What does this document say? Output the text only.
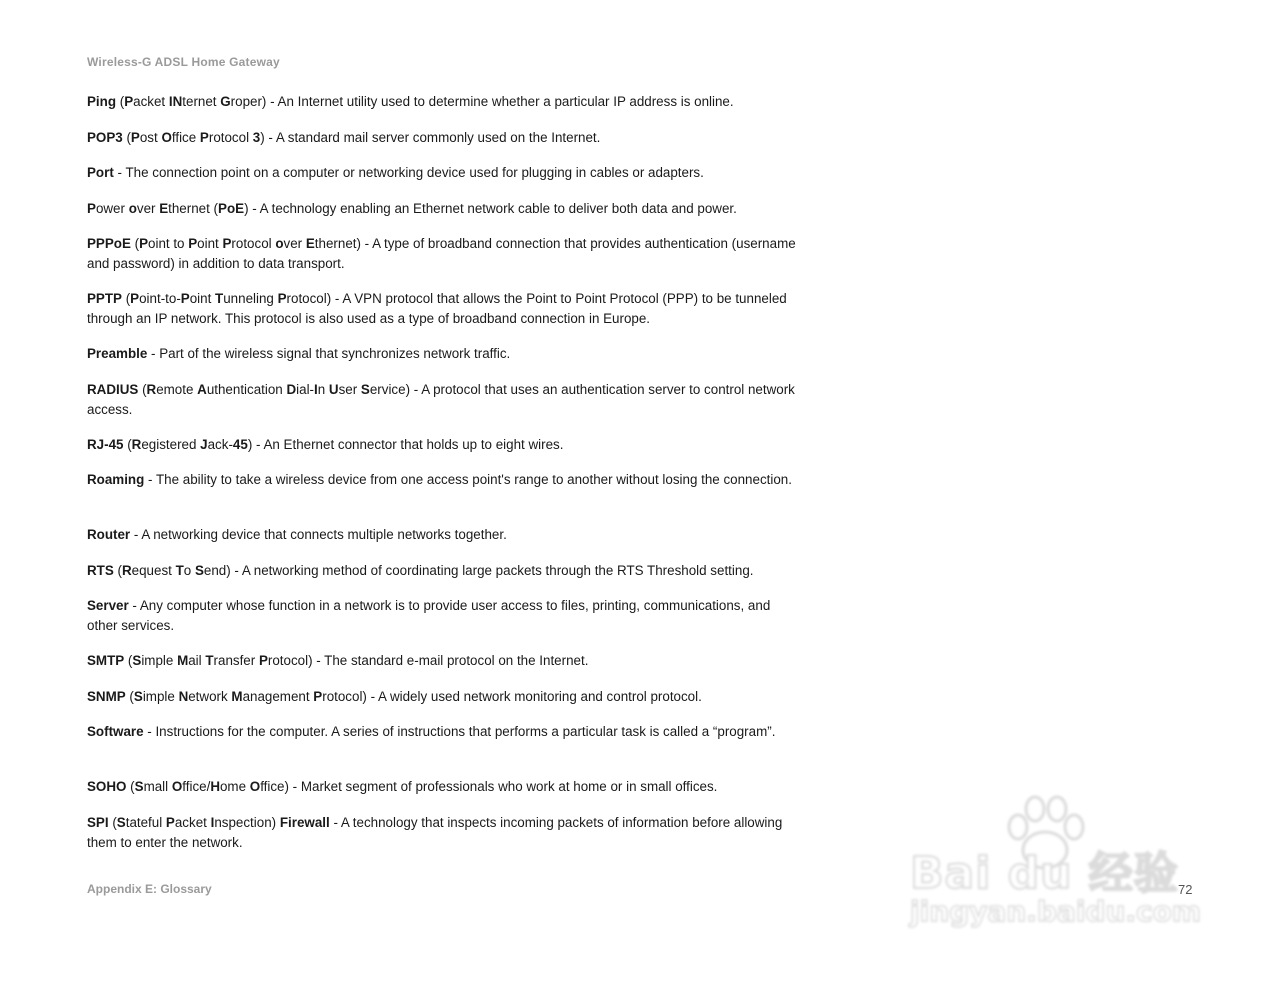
Wireless-G ADSL Home Gateway

Ping (Packet INternet Groper) - An Internet utility used to determine whether a particular IP address is online.

POP3 (Post Office Protocol 3) - A standard mail server commonly used on the Internet.

Port - The connection point on a computer or networking device used for plugging in cables or adapters.

Power over Ethernet (PoE) - A technology enabling an Ethernet network cable to deliver both data and power.

PPPoE (Point to Point Protocol over Ethernet) - A type of broadband connection that provides authentication (username and password) in addition to data transport.

PPTP (Point-to-Point Tunneling Protocol) - A VPN protocol that allows the Point to Point Protocol (PPP) to be tunneled through an IP network. This protocol is also used as a type of broadband connection in Europe.

Preamble - Part of the wireless signal that synchronizes network traffic.

RADIUS (Remote Authentication Dial-In User Service) - A protocol that uses an authentication server to control network access.

RJ-45 (Registered Jack-45) - An Ethernet connector that holds up to eight wires.

Roaming - The ability to take a wireless device from one access point's range to another without losing the connection.

Router - A networking device that connects multiple networks together.

RTS (Request To Send) - A networking method of coordinating large packets through the RTS Threshold setting.

Server - Any computer whose function in a network is to provide user access to files, printing, communications, and other services.

SMTP (Simple Mail Transfer Protocol) - The standard e-mail protocol on the Internet.

SNMP (Simple Network Management Protocol) - A widely used network monitoring and control protocol.

Software - Instructions for the computer. A series of instructions that performs a particular task is called a “program”.

SOHO (Small Office/Home Office) - Market segment of professionals who work at home or in small offices.

SPI (Stateful Packet Inspection) Firewall - A technology that inspects incoming packets of information before allowing them to enter the network.

Appendix E: Glossary	72
Bai du 经验
jingyan.baidu.com
